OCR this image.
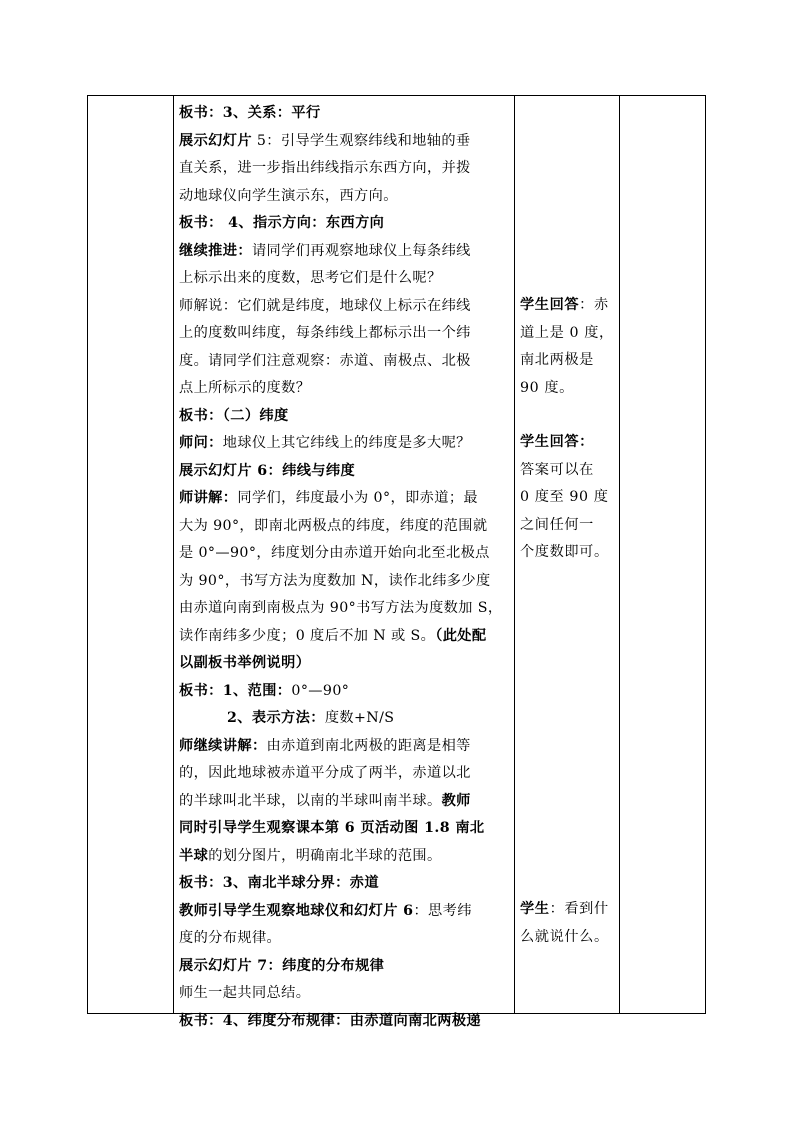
板书：3、关系：平行
展示幻灯片 5：引导学生观察纬线和地轴的垂
直关系，进一步指出纬线指示东西方向，并拨
动地球仪向学生演示东，西方向。
板书： 4、指示方向：东西方向
继续推进：请同学们再观察地球仪上每条纬线
上标示出来的度数，思考它们是什么呢？
师解说：它们就是纬度，地球仪上标示在纬线
上的度数叫纬度，每条纬线上都标示出一个纬
度。请同学们注意观察：赤道、南极点、北极
点上所标示的度数？
板书：（二）纬度
师问：地球仪上其它纬线上的纬度是多大呢？
展示幻灯片 6：纬线与纬度
师讲解：同学们，纬度最小为 0°，即赤道；最
大为 90°，即南北两极点的纬度，纬度的范围就
是 0°—90°，纬度划分由赤道开始向北至北极点
为 90°，书写方法为度数加 N，读作北纬多少度
由赤道向南到南极点为 90°书写方法为度数加 S，
读作南纬多少度；0 度后不加 N 或 S。（此处配
以副板书举例说明）
板书：1、范围：0°—90°
2、表示方法：度数+N/S
师继续讲解：由赤道到南北两极的距离是相等
的，因此地球被赤道平分成了两半，赤道以北
的半球叫北半球，以南的半球叫南半球。教师
同时引导学生观察课本第 6 页活动图 1.8 南北
半球的划分图片，明确南北半球的范围。
板书：3、南北半球分界：赤道
教师引导学生观察地球仪和幻灯片 6：思考纬
度的分布规律。
展示幻灯片 7：纬度的分布规律
师生一起共同总结。
板书：4、纬度分布规律：由赤道向南北两极递
学生回答：赤
道上是 0 度，
南北两极是
90 度。
学生回答：
答案可以在
0 度至 90 度
之间任何一
个度数即可。
学生：看到什
么就说什么。
